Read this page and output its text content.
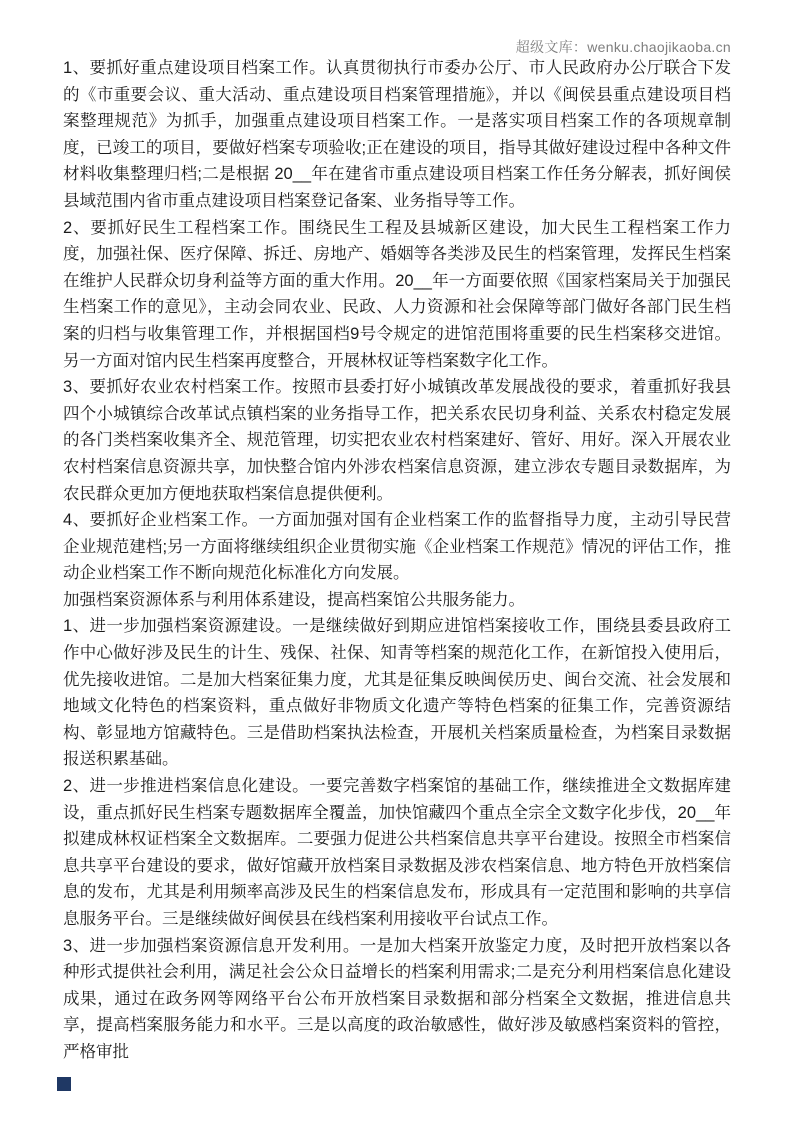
超级文库：wenku.chaojikaoba.cn

1、要抓好重点建设项目档案工作。认真贯彻执行市委办公厅、市人民政府办公厅联合下发的《市重要会议、重大活动、重点建设项目档案管理措施》，并以《闽侯县重点建设项目档案整理规范》为抓手，加强重点建设项目档案工作。一是落实项目档案工作的各项规章制度，已竣工的项目，要做好档案专项验收;正在建设的项目，指导其做好建设过程中各种文件材料收集整理归档;二是根据 20__年在建省市重点建设项目档案工作任务分解表，抓好闽侯县域范围内省市重点建设项目档案登记备案、业务指导等工作。

2、要抓好民生工程档案工作。围绕民生工程及县城新区建设，加大民生工程档案工作力度，加强社保、医疗保障、拆迁、房地产、婚姻等各类涉及民生的档案管理，发挥民生档案在维护人民群众切身利益等方面的重大作用。20__年一方面要依照《国家档案局关于加强民生档案工作的意见》，主动会同农业、民政、人力资源和社会保障等部门做好各部门民生档案的归档与收集管理工作，并根据国档9号令规定的进馆范围将重要的民生档案移交进馆。另一方面对馆内民生档案再度整合，开展林权证等档案数字化工作。

3、要抓好农业农村档案工作。按照市县委打好小城镇改革发展战役的要求，着重抓好我县四个小城镇综合改革试点镇档案的业务指导工作，把关系农民切身利益、关系农村稳定发展的各门类档案收集齐全、规范管理，切实把农业农村档案建好、管好、用好。深入开展农业农村档案信息资源共享，加快整合馆内外涉农档案信息资源，建立涉农专题目录数据库，为农民群众更加方便地获取档案信息提供便利。

4、要抓好企业档案工作。一方面加强对国有企业档案工作的监督指导力度，主动引导民营企业规范建档;另一方面将继续组织企业贯彻实施《企业档案工作规范》情况的评估工作，推动企业档案工作不断向规范化标准化方向发展。

加强档案资源体系与利用体系建设，提高档案馆公共服务能力。

1、进一步加强档案资源建设。一是继续做好到期应进馆档案接收工作，围绕县委县政府工作中心做好涉及民生的计生、残保、社保、知青等档案的规范化工作，在新馆投入使用后，优先接收进馆。二是加大档案征集力度，尤其是征集反映闽侯历史、闽台交流、社会发展和地域文化特色的档案资料，重点做好非物质文化遗产等特色档案的征集工作，完善资源结构、彰显地方馆藏特色。三是借助档案执法检查，开展机关档案质量检查，为档案目录数据报送积累基础。

2、进一步推进档案信息化建设。一要完善数字档案馆的基础工作，继续推进全文数据库建设，重点抓好民生档案专题数据库全覆盖，加快馆藏四个重点全宗全文数字化步伐，20__年拟建成林权证档案全文数据库。二要强力促进公共档案信息共享平台建设。按照全市档案信息共享平台建设的要求，做好馆藏开放档案目录数据及涉农档案信息、地方特色开放档案信息的发布，尤其是利用频率高涉及民生的档案信息发布，形成具有一定范围和影响的共享信息服务平台。三是继续做好闽侯县在线档案利用接收平台试点工作。

3、进一步加强档案资源信息开发利用。一是加大档案开放鉴定力度，及时把开放档案以各种形式提供社会利用，满足社会公众日益增长的档案利用需求;二是充分利用档案信息化建设成果，通过在政务网等网络平台公布开放档案目录数据和部分档案全文数据，推进信息共享，提高档案服务能力和水平。三是以高度的政治敏感性，做好涉及敏感档案资料的管控，严格审批
